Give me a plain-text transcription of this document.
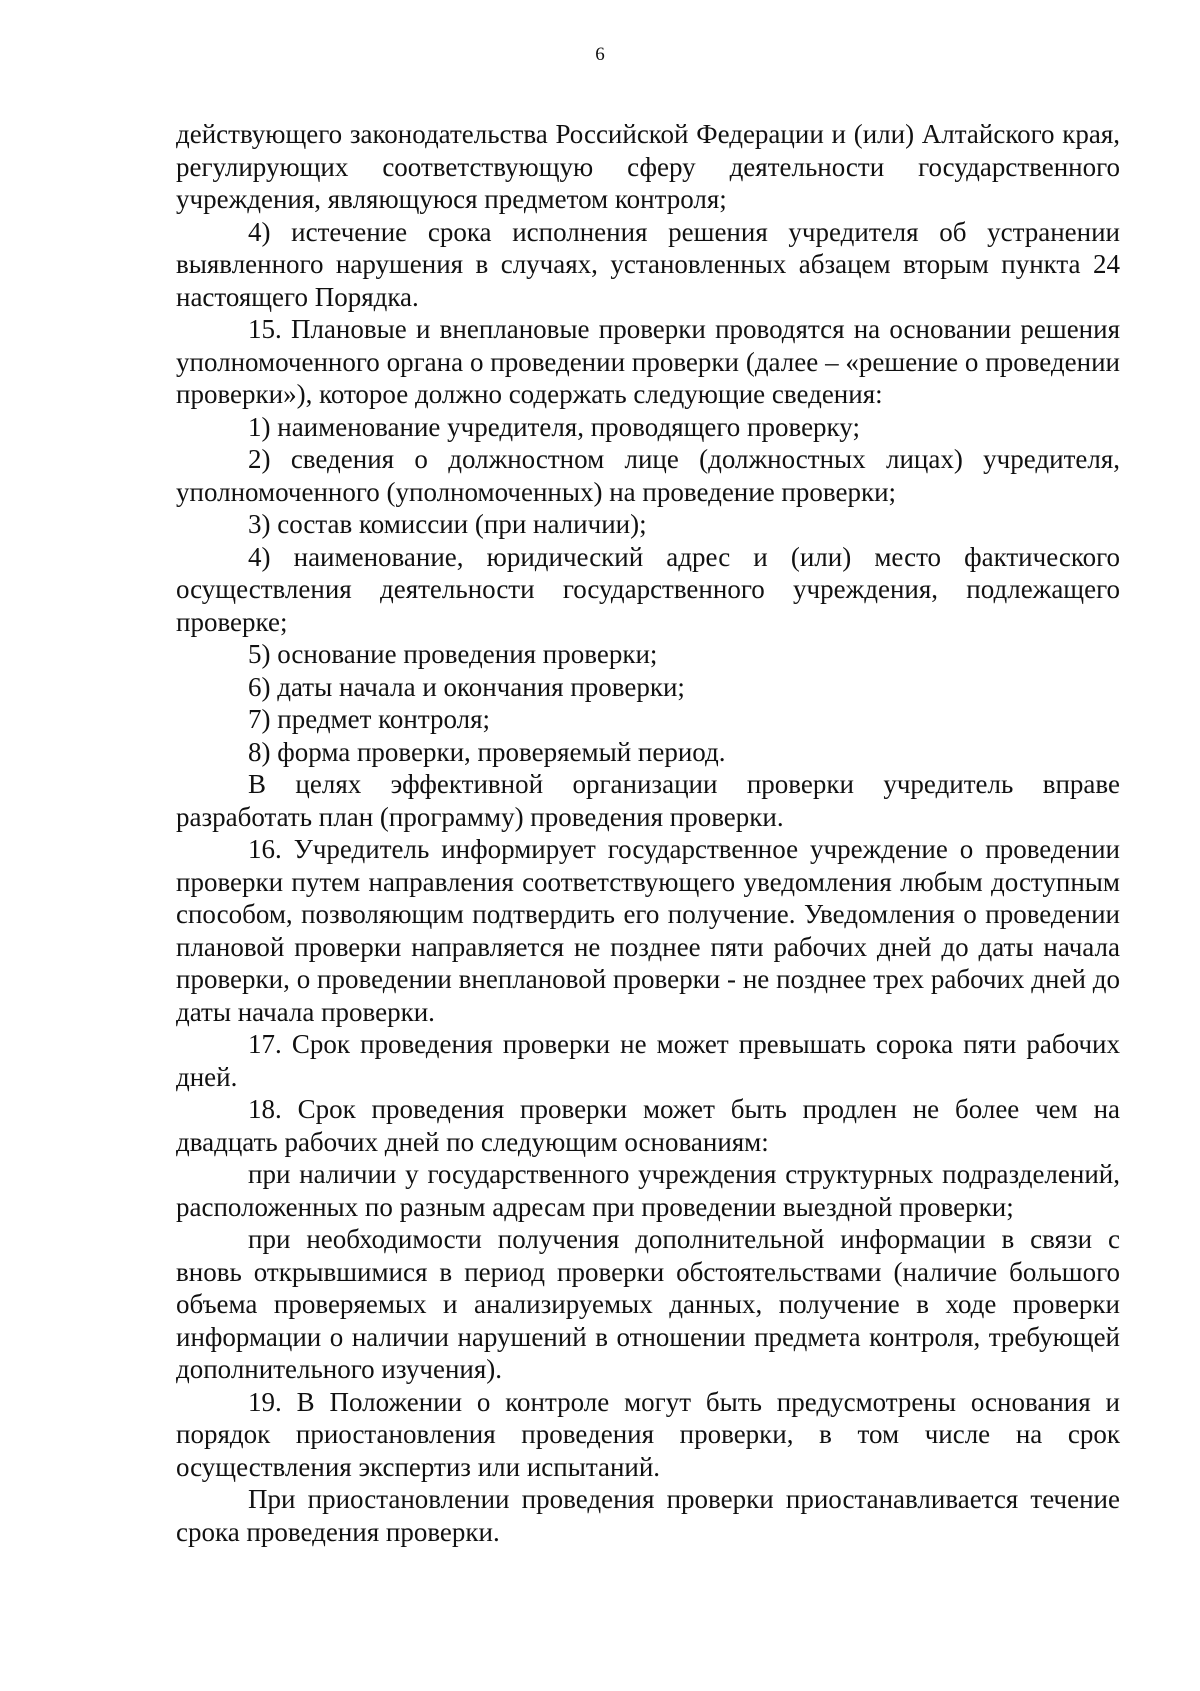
6

действующего законодательства Российской Федерации и (или) Алтайского края, регулирующих соответствующую сферу деятельности государственного учреждения, являющуюся предметом контроля;

4) истечение срока исполнения решения учредителя об устранении выявленного нарушения в случаях, установленных абзацем вторым пункта 24 настоящего Порядка.

15. Плановые и внеплановые проверки проводятся на основании решения уполномоченного органа о проведении проверки (далее – «решение о проведении проверки»), которое должно содержать следующие сведения:

1) наименование учредителя, проводящего проверку;

2) сведения о должностном лице (должностных лицах) учредителя, уполномоченного (уполномоченных) на проведение проверки;

3) состав комиссии (при наличии);

4) наименование, юридический адрес и (или) место фактического осуществления деятельности государственного учреждения, подлежащего проверке;

5) основание проведения проверки;

6) даты начала и окончания проверки;

7) предмет контроля;

8) форма проверки, проверяемый период.

В целях эффективной организации проверки учредитель вправе разработать план (программу) проведения проверки.

16. Учредитель информирует государственное учреждение о проведении проверки путем направления соответствующего уведомления любым доступным способом, позволяющим подтвердить его получение. Уведомления о проведении плановой проверки направляется не позднее пяти рабочих дней до даты начала проверки, о проведении внеплановой проверки - не позднее трех рабочих дней до даты начала проверки.

17. Срок проведения проверки не может превышать сорока пяти рабочих дней.

18. Срок проведения проверки может быть продлен не более чем на двадцать рабочих дней по следующим основаниям:

при наличии у государственного учреждения структурных подразделений, расположенных по разным адресам при проведении выездной проверки;

при необходимости получения дополнительной информации в связи с вновь открывшимися в период проверки обстоятельствами (наличие большого объема проверяемых и анализируемых данных, получение в ходе проверки информации о наличии нарушений в отношении предмета контроля, требующей дополнительного изучения).

19. В Положении о контроле могут быть предусмотрены основания и порядок приостановления проведения проверки, в том числе на срок осуществления экспертиз или испытаний.

При приостановлении проведения проверки приостанавливается течение срока проведения проверки.
